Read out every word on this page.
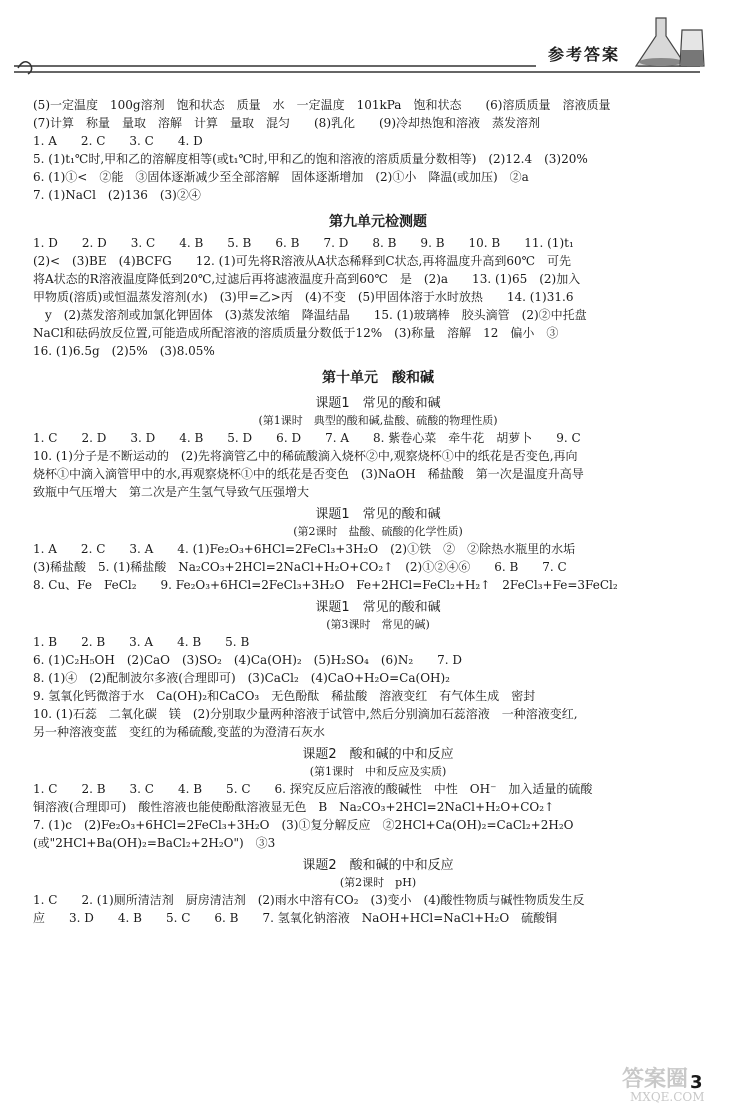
参考答案
(5)一定温度　100g溶剂　饱和状态　质量　水　一定温度　101kPa　饱和状态　　(6)溶质质量　溶液质量
(7)计算　称量　量取　溶解　计算　量取　混匀　　(8)乳化　　(9)冷却热饱和溶液　蒸发溶剂
1. A　　2. C　　3. C　　4. D
5. (1)t₁℃时,甲和乙的溶解度相等(或t₁℃时,甲和乙的饱和溶液的溶质质量分数相等)　(2)12.4　(3)20%
6. (1)①<　②能　③固体逐渐减少至全部溶解　固体逐渐增加　(2)①小　降温(或加压)　②a
7. (1)NaCl　(2)136　(3)②④
第九单元检测题
1. D　　2. D　　3. C　　4. B　　5. B　　6. B　　7. D　　8. B　　9. B　　10. B　　11. (1)t₁
(2)<　(3)BE　(4)BCFG　　12. (1)可先将R溶液从A状态稀释到C状态,再将温度升高到60℃　可先
将A状态的R溶液温度降低到20℃,过滤后再将滤液温度升高到60℃　是　(2)a　　13. (1)65　(2)加入
甲物质(溶质)或恒温蒸发溶剂(水)　(3)甲=乙>丙　(4)不变　(5)甲固体溶于水时放热　　14. (1)31.6
　y　(2)蒸发溶剂或加氯化钾固体　(3)蒸发浓缩　降温结晶　　15. (1)玻璃棒　胶头滴管　(2)②中托盘
NaCl和砝码放反位置,可能造成所配溶液的溶质质量分数低于12%　(3)称量　溶解　12　偏小　③
16. (1)6.5g　(2)5%　(3)8.05%
第十单元　酸和碱
课题1　常见的酸和碱
(第1课时　典型的酸和碱,盐酸、硫酸的物理性质)
1. C　　2. D　　3. D　　4. B　　5. D　　6. D　　7. A　　8. 紫卷心菜　牵牛花　胡萝卜　　9. C
10. (1)分子是不断运动的　(2)先将滴管乙中的稀硫酸滴入烧杯②中,观察烧杯①中的纸花是否变色,再向
烧杯①中滴入滴管甲中的水,再观察烧杯①中的纸花是否变色　(3)NaOH　稀盐酸　第一次是温度升高导
致瓶中气压增大　第二次是产生氢气导致气压强增大
课题1　常见的酸和碱
(第2课时　盐酸、硫酸的化学性质)
1. A　　2. C　　3. A　　4. (1)Fe₂O₃+6HCl=2FeCl₃+3H₂O　(2)①铁　②　②除热水瓶里的水垢
(3)稀盐酸　5. (1)稀盐酸　Na₂CO₃+2HCl=2NaCl+H₂O+CO₂↑　(2)①②④⑥　　6. B　　7. C
8. Cu、Fe　FeCl₂　　9. Fe₂O₃+6HCl=2FeCl₃+3H₂O　Fe+2HCl=FeCl₂+H₂↑　2FeCl₃+Fe=3FeCl₂
课题1　常见的酸和碱
(第3课时　常见的碱)
1. B　　2. B　　3. A　　4. B　　5. B
6. (1)C₂H₅OH　(2)CaO　(3)SO₂　(4)Ca(OH)₂　(5)H₂SO₄　(6)N₂　　7. D
8. (1)④　(2)配制波尔多液(合理即可)　(3)CaCl₂　(4)CaO+H₂O=Ca(OH)₂
9. 氢氧化钙微溶于水　Ca(OH)₂和CaCO₃　无色酚酞　稀盐酸　溶液变红　有气体生成　密封
10. (1)石蕊　二氧化碳　镁　(2)分别取少量两种溶液于试管中,然后分别滴加石蕊溶液　一种溶液变红,
另一种溶液变蓝　变红的为稀硫酸,变蓝的为澄清石灰水
课题2　酸和碱的中和反应
(第1课时　中和反应及实质)
1. C　　2. B　　3. C　　4. B　　5. C　　6. 探究反应后溶液的酸碱性　中性　OH⁻　加入适量的硫酸
铜溶液(合理即可)　酸性溶液也能使酚酞溶液显无色　B　Na₂CO₃+2HCl=2NaCl+H₂O+CO₂↑
7. (1)c　(2)Fe₂O₃+6HCl=2FeCl₃+3H₂O　(3)①复分解反应　②2HCl+Ca(OH)₂=CaCl₂+2H₂O
(或"2HCl+Ba(OH)₂=BaCl₂+2H₂O")　③3
课题2　酸和碱的中和反应
(第2课时　pH)
1. C　　2. (1)厕所清洁剂　厨房清洁剂　(2)雨水中溶有CO₂　(3)变小　(4)酸性物质与碱性物质发生反
应　　3. D　　4. B　　5. C　　6. B　　7. 氢氧化钠溶液　NaOH+HCl=NaCl+H₂O　硫酸铜
答案圈
MXQE.COM
3
